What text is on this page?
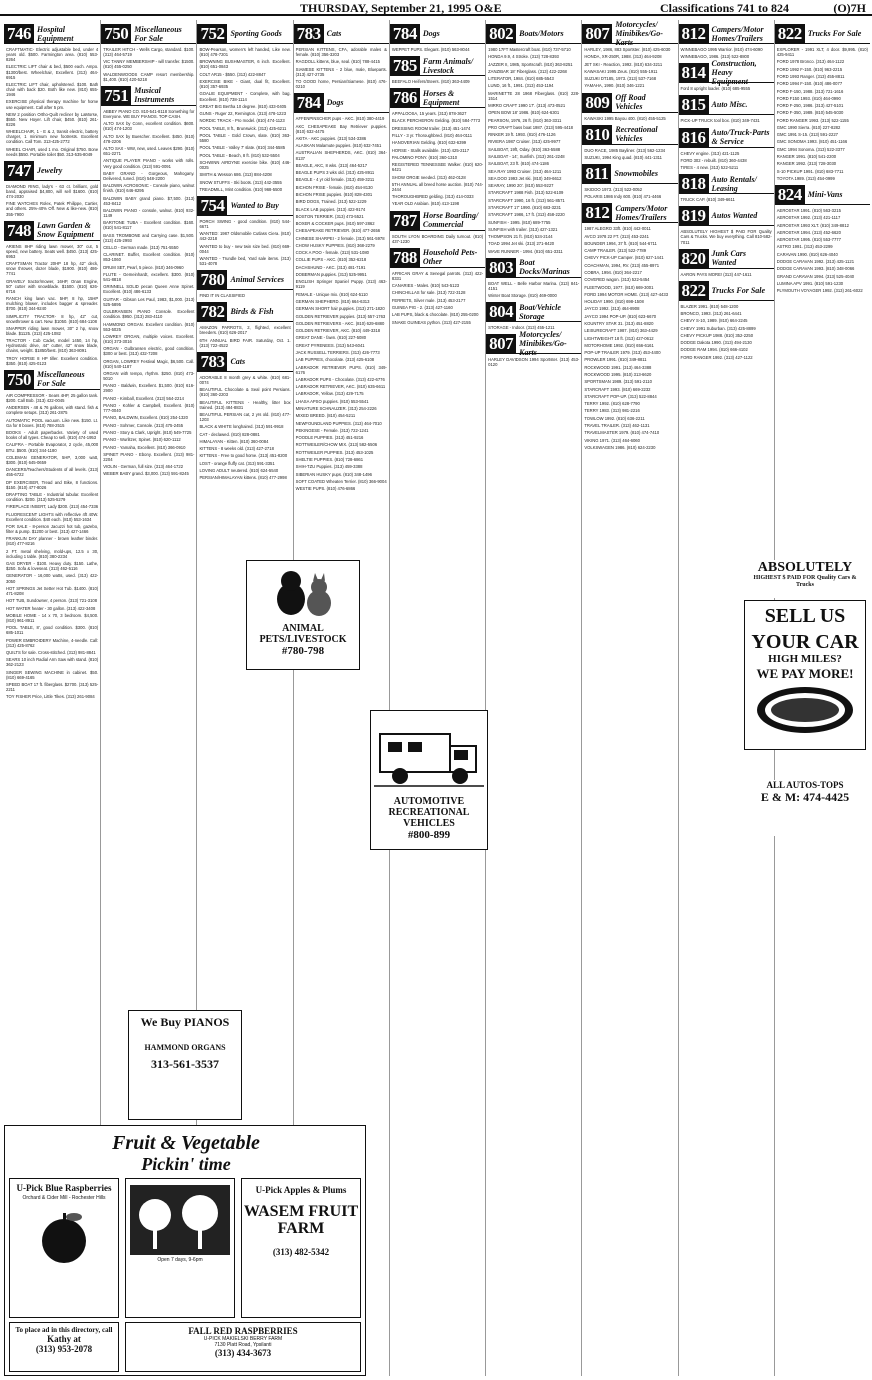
THURSDAY, September 21, 1995 O&E	Classifications 741 to 824	(O)7H
746 Hospital Equipment
CRAFTMATIC- Electric adjustable bed, under 4 years old. $500. Farmington area. (810) 553-8264
ELECTRIC LIFT chair & bed, $500 each. Ampo. $1300/best. Wheelchair, Excellent. (313) 464-6915
ELECTRIC LIFT chair, upholstered. $100. Bath chair with back $20. Both like new. (810) 655-1946
EXERCISE physical therapy machine for home use equipment. Call after 5 pm.
NEW 2 position Ortho-Quilt recliner by LaMorse, $550. New Hoyer. Lift chair, $450. (810) 261-8226
WHEELCHAIR, 1 - E & J, transit electric, battery charger, 1 minimum new footrests. Excellent condition. Call Tom. 313-425-2772
WHEEL CHAIR, used 1 mo. Original $750. Bone needs $550. Portable toilet $50. 313-535-8049
747 Jewelry
DIAMOND RING, lady's - 63 ct. brilliant, gold band, appraised $4,800, will sell $1600. (810) 474-2030
FINE WATCHES Rolex, Patek Philippe, Cartier, and others. 25%-40% Off. New & like-new. (810) 355-7900
748 Lawn Garden & Snow Equipment
ARIENS 8HP riding lawn mower, 30" cut, 5 speed, new battery. Seats well. $450. (313) 425-6953
CRAFTSMAN Tractor 20HP 18 hp, 42" deck, snow thrower, dozer blade, $1900. (810) 486-7741
GRAVELY tractor/mower, 16HP, Onan Engine, 50" cutter with snowblade. $1500. (810) 626-6716
RANCH king lawn vac. 5HP, 8 hp, 15HP mulching blower, includes bagger & spreader. $700. (810) 344-9240
SIMPLICITY TRACTOR- 8 hp, 42" cut, snowthrower & cart. New. $1050. (810) 684-1108
SNAPPER riding lawn mower, 30" 2 hp, snow blade. $1125. (313) 425-1082
TRACTOR - Cub Cadet, model 1450, 14 hp, Hydrostatic drive, 44" cutter, 42" snow blade, chains, weight. $1850/best. (810) 363-8091
TROY HORSE 8 HP tiller. Excellent condition. $350. (810) 425-0123
750 Miscellaneous For Sale
AIR COMPRESSOR - Sears 4HP, 25 gallon tank. $200. Call Bob. (313) 422-0045
ANDERSEN - 48 & 76 gallons, with stand. fish & complete setups. (313) 261-2875
AUTOMATIC POOL vacuum. Like new. $150. Lt. Ga for 8 boxes. (810) 788-2515
BOOKS - Adult paperbacks. Variety of used books of all types. Cheap to sell. (810) 474-1953
CALIFRA - Portable Evaporator, 2 cycle, 45,000 BTU. $500. (810) 344-1180
COLEMAN GENERATOR, 5HP, 3,000 watt, $300. (810) 645-0659
DANCERS/Teachers/Students of all levels. (313) 455-6722
DP EXERCISER, Tread and Bike, 8 functions. $150. (810) 477-8026
DRAFTING TABLE - Industrial tubular. Excellent condition. $200. (313) 525-5279
FIREPLACE INSERT, Lady $200. (313) 454-7336
FLUORESCENT LIGHTS with reflective 4ft 40W. Excellent condition. $40 each. (810) 553-1634
FOR SALE - 8-person Jacuzzi hot tub, gazebo, filter & pump. $1200 or best. (313) 427-1466
FRANKLIN DAY planner - brown leather binder. (810) 477-8216
2 FT. metal shelving, mold-ups, 12.5 x 30, including 1 table. (810) 380-2234
GAS DRYER - $100. Heavy duty. $150. Lathe, $250. Sofa & loveseat. (313) 462-5116
GENERATOR - 16,000 watts, used. (313) 422-3050
HOT SPRINGS Jet Setter Hot Tub. $1400. (810) 471-8208
HOT TUB, Sundowner, 4 person. (313) 721-3108
HOT WATER heater - 30 gallon. (313) 422-3408
MOBILE HOME - 14 x 70, 3 bedroom. $4,500. (810) 961-8911
POOL TABLE, 8', good condition. $300. (810) 685-1011
POWER EMBROIDERY Machine, 4-needle. Call: (313) 425-8762
QUILTS for sale. Cross-stitched. (313) 981-8841
SEARS 10 inch Radial Arm Saw with stand. (810) 362-2123
SINGER SEWING MACHINE in cabinet. $50. (810) 669-4165
SPEED BOAT 17 ft. fiberglass. $2700. (313) 525-2211
TOY FISHER Price, Little Tikes. (313) 261-9084
750 Miscellaneous For Sale
TRAILER HITCH - Wells Cargo, standard. $100. (313) 464-5719
VIC TANNY MEMBERSHIP - will transfer. $1500. (810) 455-0250
WALDENWOODS CAMP resort membership. $1,400. (810) 420-5218
751 Musical Instruments
ABBEY PIANO CO. 810-541-8118 Something for Everyone. WE BUY PIANOS. TOP CASH.
ALTO SAX by Conn, excellent condition. $600. (810) 474-1203
ALTO SAX by Buescher. Excellent. $450. (810) 478-2206
ALTO SAX - WW, new, used. Leaves $290. (810) 651-2271
ANTIQUE PLAYER PIANO - works with rolls. Very good condition. (313) 591-0091
BABY GRAND - Gorgeous, Mahogany. Delivered, tuned. (810) 548-2200
BALDWIN ACROSONIC - Console piano, walnut finish. (810) 646-8295
BALDWIN BABY grand piano. $7,500. (313) 453-8412
BALDWIN PIANO - console, walnut. (810) 932-1149
BARITONE TUBA - Excellent condition. $160. (810) 541-8117
BASS TROMBONE and Carrying case. $1,500. (313) 425-2993
CELLO - German made. (313) 751-5550
CLARINET. Buffet, Excellent condition. (810) 853-1060
DRUM SET, Pearl, 5 piece. (810) 346-0960
FLUTE - Gemeinhardt, excellent. $300. (810) 541-8818
GRINNELL SOLID pecan Queen Anne Spinet. Excellent. (810) 486-6133
GUITAR - Gibson Les Paul, 1983, $1,000. (313) 525-5895
GULBRANSEN PIANO Console. Excellent condition. $950. (313) 283-4110
HAMMOND ORGAN. Excellent condition. (810) 553-5025
LOWREY ORGAN, multiple voices. Excellent. (810) 373-3016
ORGAN - Gulbransen electric, good condition. $300 or best. (313) 432-7208
ORGAN, LOWREY Festival Magic, $6,500. Call. (810) 540-1187
ORGAN with tempo, rhythm. $250. (810) 473-5010
PIANO - Baldwin, Excellent. $1,500. (810) 616-2900
PIANO - Kimball, Excellent. (313) 564-2214
PIANO - Kohler & Campbell, Excellent. (810) 777-0040
PIANO, BALDWIN, Excellent. (810) 254-1320
PIANO - Sohmer, Console. (313) 475-2455
PIANO - Story & Clark, Upright. (810) 549-7725
PIANO - Wurlitzer, Spinet. (810) 620-1112
PIANO - Yamaha, Excellent. (810) 366-0910
SPINET PIANO - Ebony. Excellent. (313) 981-2204
VIOLIN - German, full size. (313) 464-1722
WEBER BABY grand. $3,000. (313) 591-8245
752 Sporting Goods
BOW-Pearson, women's left handed, Like new. (810) 478-7201
BROWNING BUSHMASTER, 6 inch. Excellent. (810) 651-0843
COLT AR15 - $550. (313) 422-8847
EXERCISE BIKE - Giant, dual fit, Excellent. (810) 357-6935
GOALIE EQUIPMENT - Complete, with bag. Excellent. (810) 738-1114
GREAT BIG Bertha 10 degree. (810) 433-0405
GUNS - Ruger 22, Remington. (313) 478-1223
NORDIC TRACK - Pro model. (810) 474-1123
POOL TABLE, 8 ft., Brunswick. (313) 425-6211
POOL TABLE - Gold Crown, slate. (810) 363-5580
POOL TABLE - Valley 7' slate. (810) 344-5585
POOL TABLE - Beach, 8 ft. (810) 532-5504
SCHWINN AIRDYNE exercise bike. (810) 446-0025
SMITH & Wesson 686. (313) 884-4208
SNOW STUFFS - Ski boots. (313) 442-3555
TREADMILL, Mint condition. (810) 968-5500
754 Wanted to Buy
PORCH SWING - good condition. (810) 544-6671
WANTED: 1987 Oldsmobile Cutlass Ciera. (810) 442-2218
WANTED to buy - new twin size bed. (810) 669-0044
WANTED - Trundle bed, Yard sale items. (313) 531-4078
780 Animal Services
FIND IT IN CLASSIFIED
782 Birds & Fish
AMAZON PARROTS, 2, flighted, excellent breeders. (810) 626-2017
6TH ANNUAL BIRD FAIR. Saturday, Oct. 1. (313) 722-4522
783 Cats
ADORABLE 8 month grey & white. (810) 681-0074
BEAUTIFUL Chocolate & Seal point Persians. (810) 360-2203
BEAUTIFUL KITTENS - Healthy, litter box trained. (313) 484-8831
BEAUTIFUL PERSIAN cat, 2 yrs old. (810) 477-1203
BLACK & WHITE longhaired. (313) 591-9918
CAT - declawed. (810) 828-0881
HIMALAYAN - Kitten. (810) 360-0084
KITTENS - 8 weeks old. (313) 427-2718
KITTENS - Free to good home. (313) 451-8200
LOST - orange fluffy cat. (313) 591-3351
LOVING ADULT neutered. (810) 624-5540
PERSIAN/HIMALAYAN kittens. (810) 477-2998
783 Cats
PERSIAN KITTENS, CFA, adorable males & female. (810) 356-3203
RAGDOLL kittens, blue, seal. (810) 788-4415
SIAMESE KITTENS - 2 blue, male, Blueparts. (313) 427-2735
TO GOOD home, Persian/Siamese. (810) 476-0210
784 Dogs
AFFENPINSCHER pups - AKC. (810) 380-4419
AKC CHESAPEAKE Bay Retriever puppies. (810) 632-4475
AKITA - AKC puppies. (313) 534-3386
ALASKAN Malamute puppies. (810) 632-7451
AUSTRALIAN SHEPHERDS, AKC. (810) 364-8137
BEAGLE, AKC, 8 wks. (313) 464-5217
BEAGLE PUPS 3 wks old. (313) 425-8911
BEAGLE - 4 yr old female. (313) 459-3211
BICHON FRISE - female. (810) 454-8130
BICHON FRISE puppies. (810) 828-4301
BIRD DOGS, Trained. (313) 522-1229
BLACK LAB puppies. (313) 422-9174
BOSTON TERRIER. (313) 473-5521
BOXER & COCKER pups. (810) 597-2862
CHESAPEAKE RETRIEVER. (810) 477-2656
CHINESE SHARPEI - 2 female. (313) 561-5978
CHOW HUSKY PUPPIES. (810) 368-2279
COCK A POO - female. (313) 531-1080
COLLIE PUPS - AKC. (810) 352-6218
DACHSHUND - AKC. (313) 481-7191
DOBERMAN puppies. (313) 525-9951
ENGLISH Springer Spaniel Puppy. (313) 463-9119
FEMALE - Unique mix. (810) 624-5110
GERMAN SHEPHERD. (810) 664-6313
GERMAN SHORT hair puppies. (313) 271-1820
GOLDEN RETRIEVER puppies. (313) 557-1763
GOLDEN RETRIEVERS - AKC. (810) 629-6880
GOLDEN RETRIEVER, AKC. (810) 449-3318
GREAT DANE - fawn. (810) 227-5080
GREAT PYRENEES. (313) 543-6041
JACK RUSSELL TERRIERS. (313) 426-7773
LAB PUPPIES, chocolate. (313) 425-6108
LABRADOR RETRIEVER PUPS. (810) 349-6176
LABRADOR PUPS - Chocolate. (313) 422-6776
LABRADOR RETRIEVER, AKC. (810) 635-6611
LABRADOR, Yellow. (313) 429-7175
LHASA APSO puppies. (810) 553-5541
MINIATURE SCHNAUZER. (313) 254-2226
MIXED BREED. (810) 454-5211
NEWFOUNDLAND PUPPIES. (313) 464-7010
PEKINGESE - Female. (313) 722-1241
POODLE PUPPIES. (313) 451-9216
ROTTWEILER/CHOW MIX. (313) 582-5506
ROTTWEILER PUPPIES. (313) 453-1025
SHELTIE PUPPIES. (810) 728-6861
SHIH-TZU Puppies. (313) 459-3388
SIBERIAN HUSKY pups. (810) 348-1496
SOFT COATED Wheaten Terrier. (810) 366-9004
WESTIE PUPS. (810) 476-6866
784 Dogs
WEPPET PUPS. Elegant. (810) 563-8044
785 Farm Animals/ Livestock
BEEFALO Heifers/Steers. (810) 363-4409
786 Horses & Equipment
APPALOOSA, 15 years. (313) 878-3627
BLACK PERCHERON Gelding. (810) 584-7773
DRESSING ROOM trailer. (313) 451-1474
FILLY - 3 yr. Thoroughbred. (810) 464-0111
HANOVERIAN Gelding. (810) 632-6399
HORSE - Stalls available. (313) 425-2117
PALOMINO PONY. (810) 360-1310
REGISTERED TENNESSEE Walker. (810) 620-6421
SHOW ORGIE needed. (313) 462-0128
5TH ANNUAL all breed horse auction. (810) 744-2444
THOROUGHBRED gelding. (313) 414-0333
YEAR OLD Arabian. (810) 413-1198
787 Horse Boarding/ Commercial
SOUTH LYON BOARDING Daily turnout. (810) 437-1230
788 Household Pets- Other
AFRICAN GRAY & Senegal parrots. (313) 422-8331
CANARIES - Males. (810) 543-5123
CHINCHILLAS for sale. (313) 722-3128
FERRETS, Silver male. (313) 453-2177
GUINEA PIG - 2. (313) 427-1160
LAB PUPS, black & chocolate. (810) 255-0200
SNAKE GUINEAS python. (313) 427-2155
802 Boats/Motors
1980 17FT Mastercraft boat. (810) 737-5710
HONDA 9.9, 4 Stroke. (313) 728-8393
JAZZER II, 1985, Sportscraft. (810) 363-8251
ZANZIBAR 18' Fiberglass. (313) 422-2268
LITERATOR, 1984. (810) 685-5543
LUND, 16 ft., 1991. (313) 453-1194
MARINETTE 28 1968 Fiberglass. (810) 228-1514
MIRRO CRAFT 1990 17'. (313) 473-0521
OPEN BOW 18' 1986. (810) 624-6301
PEARSON, 1976, 26 ft. (810) 363-3311
PRO CRAFT bass boat 1987. (313) 595-4418
RINKER 19 ft. 1993. (810) 476-1126
RIVIERA 1987 Cruiser. (313) 425-9977
SAILBOAT, 19ft, Oday. (810) 363-5588
SAILBOAT - 14', Sunfish. (313) 261-2248
SAILBOAT, 23 ft. (810) 474-1186
SEA RAY 1993 Cruiser. (313) 464-1211
SEA DOO 1993 Jet ski. (810) 349-6612
SEARAY, 1990 20'. (810) 553-9227
STARCRAFT 1988 Fish. (313) 522-6109
STARCRAFT 1990, 16 ft. (313) 561-8571
STARCRAFT 17' 1990. (810) 683-3231
STARCRAFT 1986, 17 ft. (313) 458-2220
SUNFISH - 1995. (810) 689-7755
SUNFISH with trailer. (313) 427-1321
THOMPSON 21 ft. (810) 524-2144
TOAD 1994 Jet ski. (313) 271-8420
WAVE RUNNER - 1994. (810) 651-3311
803 Boat Docks/Marinas
BOAT WELL - Belle Harbor Marina. (313) 841-4151
Winter Boat Storage. (810) 469-0000
804 Boat/Vehicle Storage
STORAGE - Indoor. (313) 455-1211
807 Motorcycles/ Minibikes/Go-Karts
HARLEY DAVIDSON 1994 Sportster. (313) 453-0120
807 Motorcycles/ Minibikes/Go-Karts
HARLEY, 1986, 883 Sportster. (810) 425-6030
HONDA, XR-250R, 1988. (313) 464-9208
JET SKI - Reaction, 1992. (810) 634-3211
KAWASAKI 1995 Zeus. (810) 555-1911
SUZUKI DT185, 1973. (313) 537-7168
YAMAHA, 1990. (810) 346-1221
809 Off Road Vehicles
KAWASKI 1995 Bayou 400. (810) 455-5125
810 Recreational Vehicles
DUO RACE, 1985 Bayliner. (313) 562-1234
SUZUKI, 1994 King quad. (810) 441-1311
811 Snowmobiles
SKIDOO 1973. (313) 522-0052
POLARIS 1986 Indy 600. (810) 471-4466
812 Campers/Motor Homes/Trailers
1987 ALEGRO 33ft. (810) 442-0011
AVCO 1978 22 FT. (313) 453-2241
BOUNDER 1994, 37 ft. (810) 544-6711
CAMP TRAILER. (313) 522-7789
CHEVY PICK-UP Camper. (810) 627-1441
COACHMAN, 1994, RV. (313) 455-8971
COBRA, 1994. (810) 364-2217
COVERED wagon. (313) 522-5454
FLEETWOOD, 1977. (810) 669-3001
FORD 1994 MOTOR HOME. (313) 427-4433
HOLIDAY 1990. (810) 698-1508
JAYCO 1992. (313) 464-8908
JAYCO 1994 POP-UP. (810) 623-6670
KOUNTRY STAR 31. (313) 451-8820
LEISURECRAFT 1987. (810) 363-4429
LIGHTWEIGHT 18 ft. (313) 427-0612
MOTORHOME 1992. (810) 656-6161
POP-UP TRAILER 1979. (313) 453-4400
PROWLER 1991. (810) 349-8811
ROCKWOOD 1991. (313) 464-3388
ROCKWOOD 1995. (810) 313-6620
SPORTSMAN 1989. (313) 591-2110
STARCRAFT 1993. (810) 669-2232
STARCRAFT POP-UP. (313) 522-8844
TERRY 1992. (810) 628-7790
TERRY 1983. (313) 981-2216
TOWLOW 1992. (810) 636-2211
TRAVEL TRAILER. (313) 462-1131
TRAVELMASTER 1979. (810) 474-7410
VIKING 1971. (313) 464-6060
VOLKSWAGEN 1986. (810) 624-2230
812 Campers/Motor Homes/Trailers
WINNEBAGO 1995 Warrior. (810) 474-6090
WINNEBAGO, 1986. (313) 522-8800
814 Construction, Heavy Equipment
Ford 8 upright loader. (810) 685-9555
815 Auto Misc.
PICK-UP TRUCK tool box. (810) 349-7431
816 Auto/Truck-Parts & Service
CHEVY engine. (313) 421-1125
FORD 302 - rebuilt. (810) 360-4438
TIRES - 4 new. (313) 522-5211
818 Auto Rentals/ Leasing
TRUCK CAP. (810) 349-6611
819 Autos Wanted
ABSOLUTELY HIGHEST $ PAID FOR Quality Cars & Trucks. We buy everything. Call 810-582-7011
820 Junk Cars Wanted
AARON PAYS MORE! (313) 447-1611
822 Trucks For Sale
BLAZER 1991. (810) 548-1200
BRONCO, 1993. (313) 261-6441
CHEVY S-10, 1989. (810) 664-2245
CHEVY 1991 Suburban. (313) 425-8899
CHEVY PICKUP 1988. (810) 352-2250
DODGE Dakota 1990. (313) 494-2130
DODGE RAM 1994. (810) 666-4102
FORD RANGER 1992. (313) 427-1122
822 Trucks For Sale
EXPLORER - 1991 XLT, 4 door. $9,995. (810) 425-9411
FORD 1978 Bronco. (313) 464-1122
FORD 1992 F-150. (810) 963-2215
FORD 1993 Ranger. (313) 455-8811
FORD 1994 F-150. (810) 486-0077
FORD F-150, 1988. (313) 721-1616
FORD F150 1993. (810) 464-0990
FORD F-250, 1986. (313) 427-5101
FORD F-350, 1989. (810) 545-5030
FORD RANGER 1993. (313) 522-1155
GMC 1990 Sierra. (810) 227-8282
GMC 1991 S-15. (313) 591-2227
GMC SONOMA 1993. (810) 451-1166
GMC 1994 Sonoma. (313) 522-3377
RANGER 1991. (810) 541-2200
RANGER 1992. (313) 728-3030
S-10 PICKUP 1991. (810) 683-7711
TOYOTA 1989. (313) 454-0999
824 Mini-Vans
AEROSTAR 1991. (810) 563-3215
AEROSTAR 1992. (313) 421-1117
AEROSTAR 1993 XLT. (810) 349-8812
AEROSTAR 1994. (313) 452-6620
AEROSTAR 1995. (810) 553-7777
ASTRO 1991. (313) 453-2299
CARAVAN 1990. (810) 626-4040
DODGE CARAVAN 1992. (313) 425-1121
DODGE CARAVAN 1993. (810) 348-0066
GRAND CARAVAN 1994. (313) 525-4040
LUMINA APV 1991. (810) 591-1230
PLYMOUTH VOYAGER 1992. (313) 261-6022
ANIMAL PETS/LIVESTOCK
#780-798
AUTOMOTIVE RECREATIONAL VEHICLES
#800-899
We Buy PIANOS
HAMMOND ORGANS
313-561-3537
ABSOLUTELY
HIGHEST $ PAID FOR Quality Cars & Trucks
SELL US
YOUR CAR
HIGH MILES?
WE PAY MORE!
ALL AUTOS-TOPS
E & M: 474-4425
Fruit & Vegetable
Pickin' time
U-Pick Blue Raspberries
Orchard & Cider Mill - Rochester Hills
Open 7 days, 9-6pm
U-Pick Apples & Plums
WASEM FRUIT FARM
(313) 482-5342
To place ad in this directory, call
Kathy at
(313) 953-2078
FALL RED RASPBERRIES
U-PICK MAKIELSKI BERRY FARM
7130 Platt Road, Ypsilanti
(313) 434-3673
